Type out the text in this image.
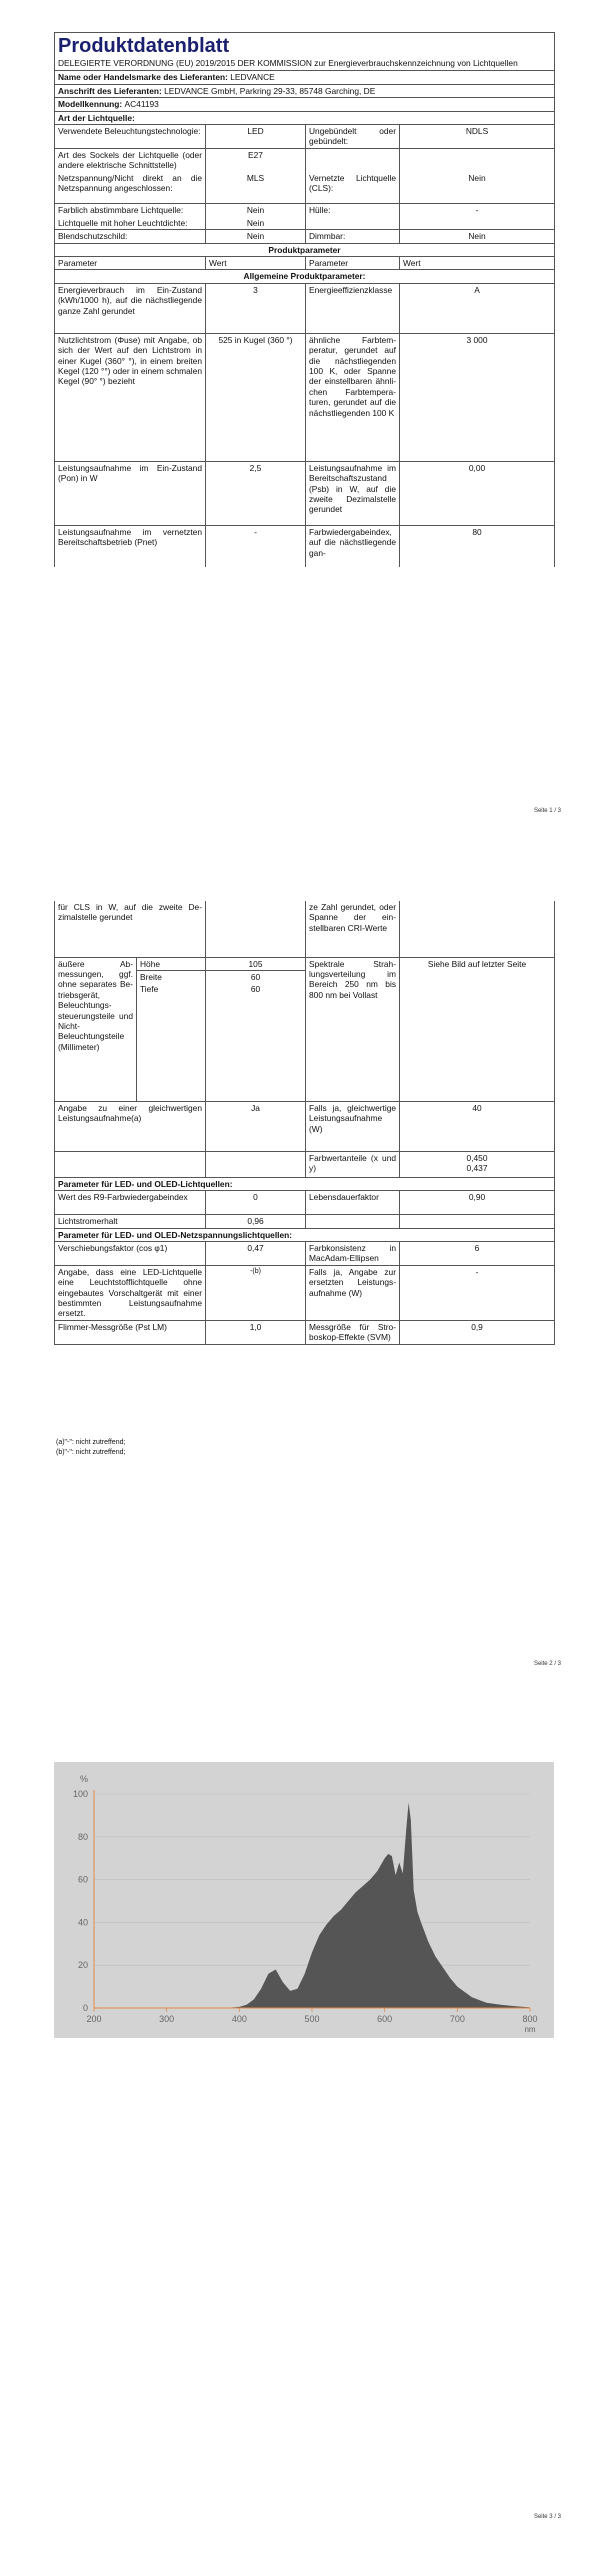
Produktdatenblatt
DELEGIERTE VERORDNUNG (EU) 2019/2015 DER KOMMISSION zur Energieverbrauchskennzeichnung von Lichtquellen			

Name oder Handelsmarke des Lieferanten: LEDVANCE			
Anschrift des Lieferanten: LEDVANCE GmbH, Parkring 29-33, 85748 Garching, DE			
Modellkennung: AC41193			
Art der Lichtquelle:			
Verwendete Beleuchtungstechnologie:	LED	Ungebündelt oder gebündelt:	NDLS
Art des Sockels der Lichtquelle (oder andere elektrische Schnittstelle)	E27		
Netzspannung/Nicht direkt an die Netzspannung angeschlossen:	MLS	Vernetzte Lichtquelle (CLS):	Nein
Farblich abstimmbare Lichtquelle:	Nein	Hülle:	-
Lichtquelle mit hoher Leuchtdichte:	Nein		
Blendschutzschild:	Nein	Dimmbar:	Nein
Produktparameter			
Parameter	Wert	Parameter	Wert
Allgemeine Produktparameter:			
Energieverbrauch im Ein-Zustand (kWh/1000 h), auf die nächstliegende ganze Zahl gerundet	3	Energieeffizienzklasse	A
Nutzlichtstrom (Φuse) mit Angabe, ob sich der Wert auf den Lichtstrom in einer Kugel (360° °), in einem breiten Kegel (120 °°) oder in einem schmalen Kegel (90° °) bezieht	525 in Kugel (360 °)	ähnliche Farbtemperatur, gerundet auf die nächstliegenden 100 K, oder Spanne der einstellbaren ähnlichen Farbtemperaturen, gerundet auf die nächstliegenden 100 K	3 000
Leistungsaufnahme im Ein-Zustand (Pon) in W	2,5	Leistungsaufnahme im Bereitschaftszustand (Psb) in W, auf die zweite Dezimalstelle gerundet	0,00
Leistungsaufnahme im vernetzten Bereitschaftsbetrieb (Pnet)	-	Farbwiedergabeindex, auf die nächstliegende gan-	80
Seite 1 / 3
für CLS in W, auf die zweite Dezimalstelle gerundet			ze Zahl gerundet, oder Spanne der einstellbaren CRI-Werte	
äußere Abmessungen, ggf. ohne separates Betriebsgerät, Beleuchtungssteuerungsteile und Nicht-Beleuchtungsteile (Millimeter)	Höhe	105	Spektrale Strahlungsverteilung im Bereich 250 nm bis 800 nm bei Vollast	Siehe Bild auf letzter Seite
	Breite	60		
	Tiefe	60		
Angabe zu einer gleichwertigen Leistungsaufnahme(a)		Ja	Falls ja, gleichwertige Leistungsaufnahme (W)	40
			Farbwertanteile (x und y)	0,450
0,437

Parameter für LED- und OLED-Lichtquellen:				
Wert des R9-Farbwiedergabeindex		0	Lebensdauerfaktor	0,90
Lichtstromerhalt		0,96		
Parameter für LED- und OLED-Netzspannungslichtquellen:				
Verschiebungsfaktor (cos φ1)		0,47	Farbkonsistenz in MacAdam-Ellipsen	6
Angabe, dass eine LED-Lichtquelle eine Leuchtstofflichtquelle ohne eingebautes Vorschaltgerät mit einer bestimmten Leistungsaufnahme ersetzt.		-(b)	Falls ja, Angabe zur ersetzten Leistungsaufnahme (W)	-
Flimmer-Messgröße (Pst LM)		1,0	Messgröße für Stroboskop-Effekte (SVM)	0,9
(a)"-": nicht zutreffend;
(b)"-": nicht zutreffend;
Seite 2 / 3
Seite 3 / 3
0
20
40
60
80
100
200	300	400	500	600	700	800
%
nm
